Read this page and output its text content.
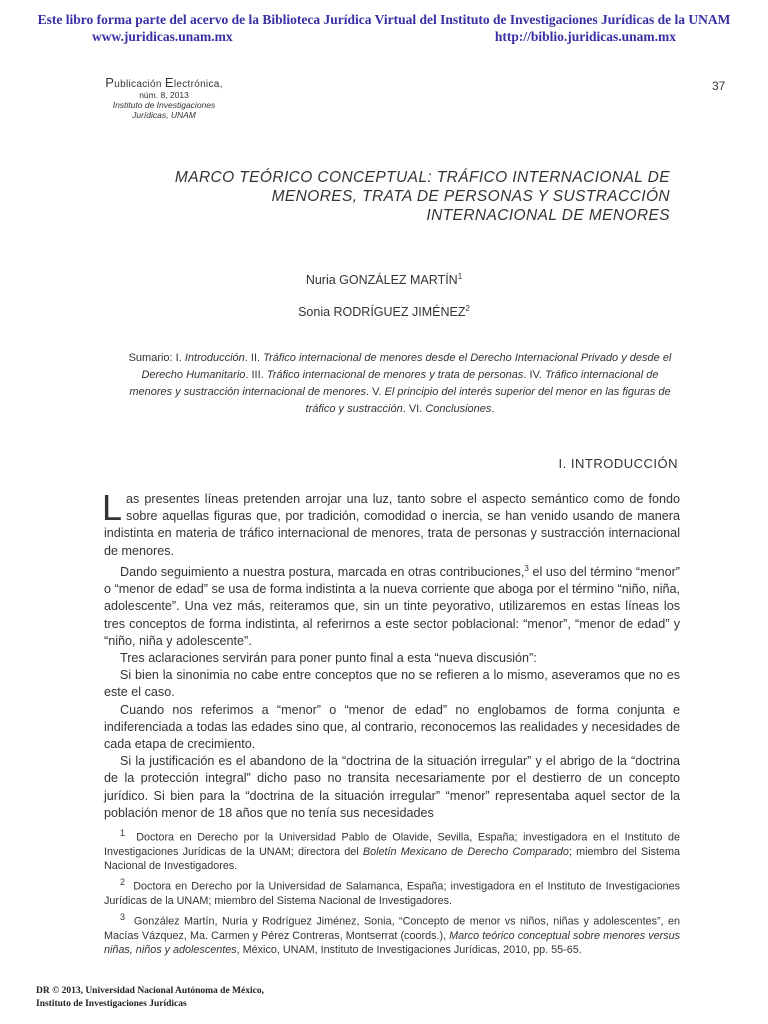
Este libro forma parte del acervo de la Biblioteca Jurídica Virtual del Instituto de Investigaciones Jurídicas de la UNAM
www.juridicas.unam.mx	http://biblio.juridicas.unam.mx
Publicación Electrónica,
núm. 8, 2013
Instituto de Investigaciones
Jurídicas, UNAM
37
MARCO TEÓRICO CONCEPTUAL: TRÁFICO INTERNACIONAL DE MENORES, TRATA DE PERSONAS Y SUSTRACCIÓN INTERNACIONAL DE MENORES
Nuria GONZÁLEZ MARTÍN$^1$
Sonia RODRÍGUEZ JIMÉNEZ$^2$
Sumario: I. Introducción. II. Tráfico internacional de menores desde el Derecho Internacional Privado y desde el Derecho Humanitario. III. Tráfico internacional de menores y trata de personas. IV. Tráfico internacional de menores y sustracción internacional de menores. V. El principio del interés superior del menor en las figuras de tráfico y sustracción. VI. Conclusiones.
I. INTRODUCCIÓN

Las presentes líneas pretenden arrojar una luz, tanto sobre el aspecto semántico como de fondo sobre aquellas figuras que, por tradición, comodidad o inercia, se han venido usando de manera indistinta en materia de tráfico internacional de menores, trata de personas y sustracción internacional de menores.

Dando seguimiento a nuestra postura, marcada en otras contribuciones,$^3$ el uso del término “menor” o “menor de edad” se usa de forma indistinta a la nueva corriente que aboga por el término “niño, niña, adolescente”. Una vez más, reiteramos que, sin un tinte peyorativo, utilizaremos en estas líneas los tres conceptos de forma indistinta, al referirnos a este sector poblacional: “menor”, “menor de edad” y “niño, niña y adolescente”.

Tres aclaraciones servirán para poner punto final a esta “nueva discusión”:

Si bien la sinonimia no cabe entre conceptos que no se refieren a lo mismo, aseveramos que no es este el caso.

Cuando nos referimos a “menor” o “menor de edad” no englobamos de forma conjunta e indiferenciada a todas las edades sino que, al contrario, reconocemos las realidades y necesidades de cada etapa de crecimiento.

Si la justificación es el abandono de la “doctrina de la situación irregular” y el abrigo de la “doctrina de la protección integral” dicho paso no transita necesariamente por el destierro de un concepto jurídico. Si bien para la “doctrina de la situación irregular” “menor” representaba aquel sector de la población menor de 18 años que no tenía sus necesidades

$^1$ Doctora en Derecho por la Universidad Pablo de Olavide, Sevilla, España; investigadora en el Instituto de Investigaciones Jurídicas de la UNAM; directora del Boletín Mexicano de Derecho Comparado; miembro del Sistema Nacional de Investigadores.

$^2$ Doctora en Derecho por la Universidad de Salamanca, España; investigadora en el Instituto de Investigaciones Jurídicas de la UNAM; miembro del Sistema Nacional de Investigadores.

$^3$ González Martín, Nuria y Rodríguez Jiménez, Sonia, “Concepto de menor vs niños, niñas y adolescentes”, en Macías Vázquez, Ma. Carmen y Pérez Contreras, Montserrat (coords.), Marco teórico conceptual sobre menores versus niñas, niños y adolescentes, México, UNAM, Instituto de Investigaciones Jurídicas, 2010, pp. 55-65.

DR © 2013, Universidad Nacional Autónoma de México,
Instituto de Investigaciones Jurídicas
